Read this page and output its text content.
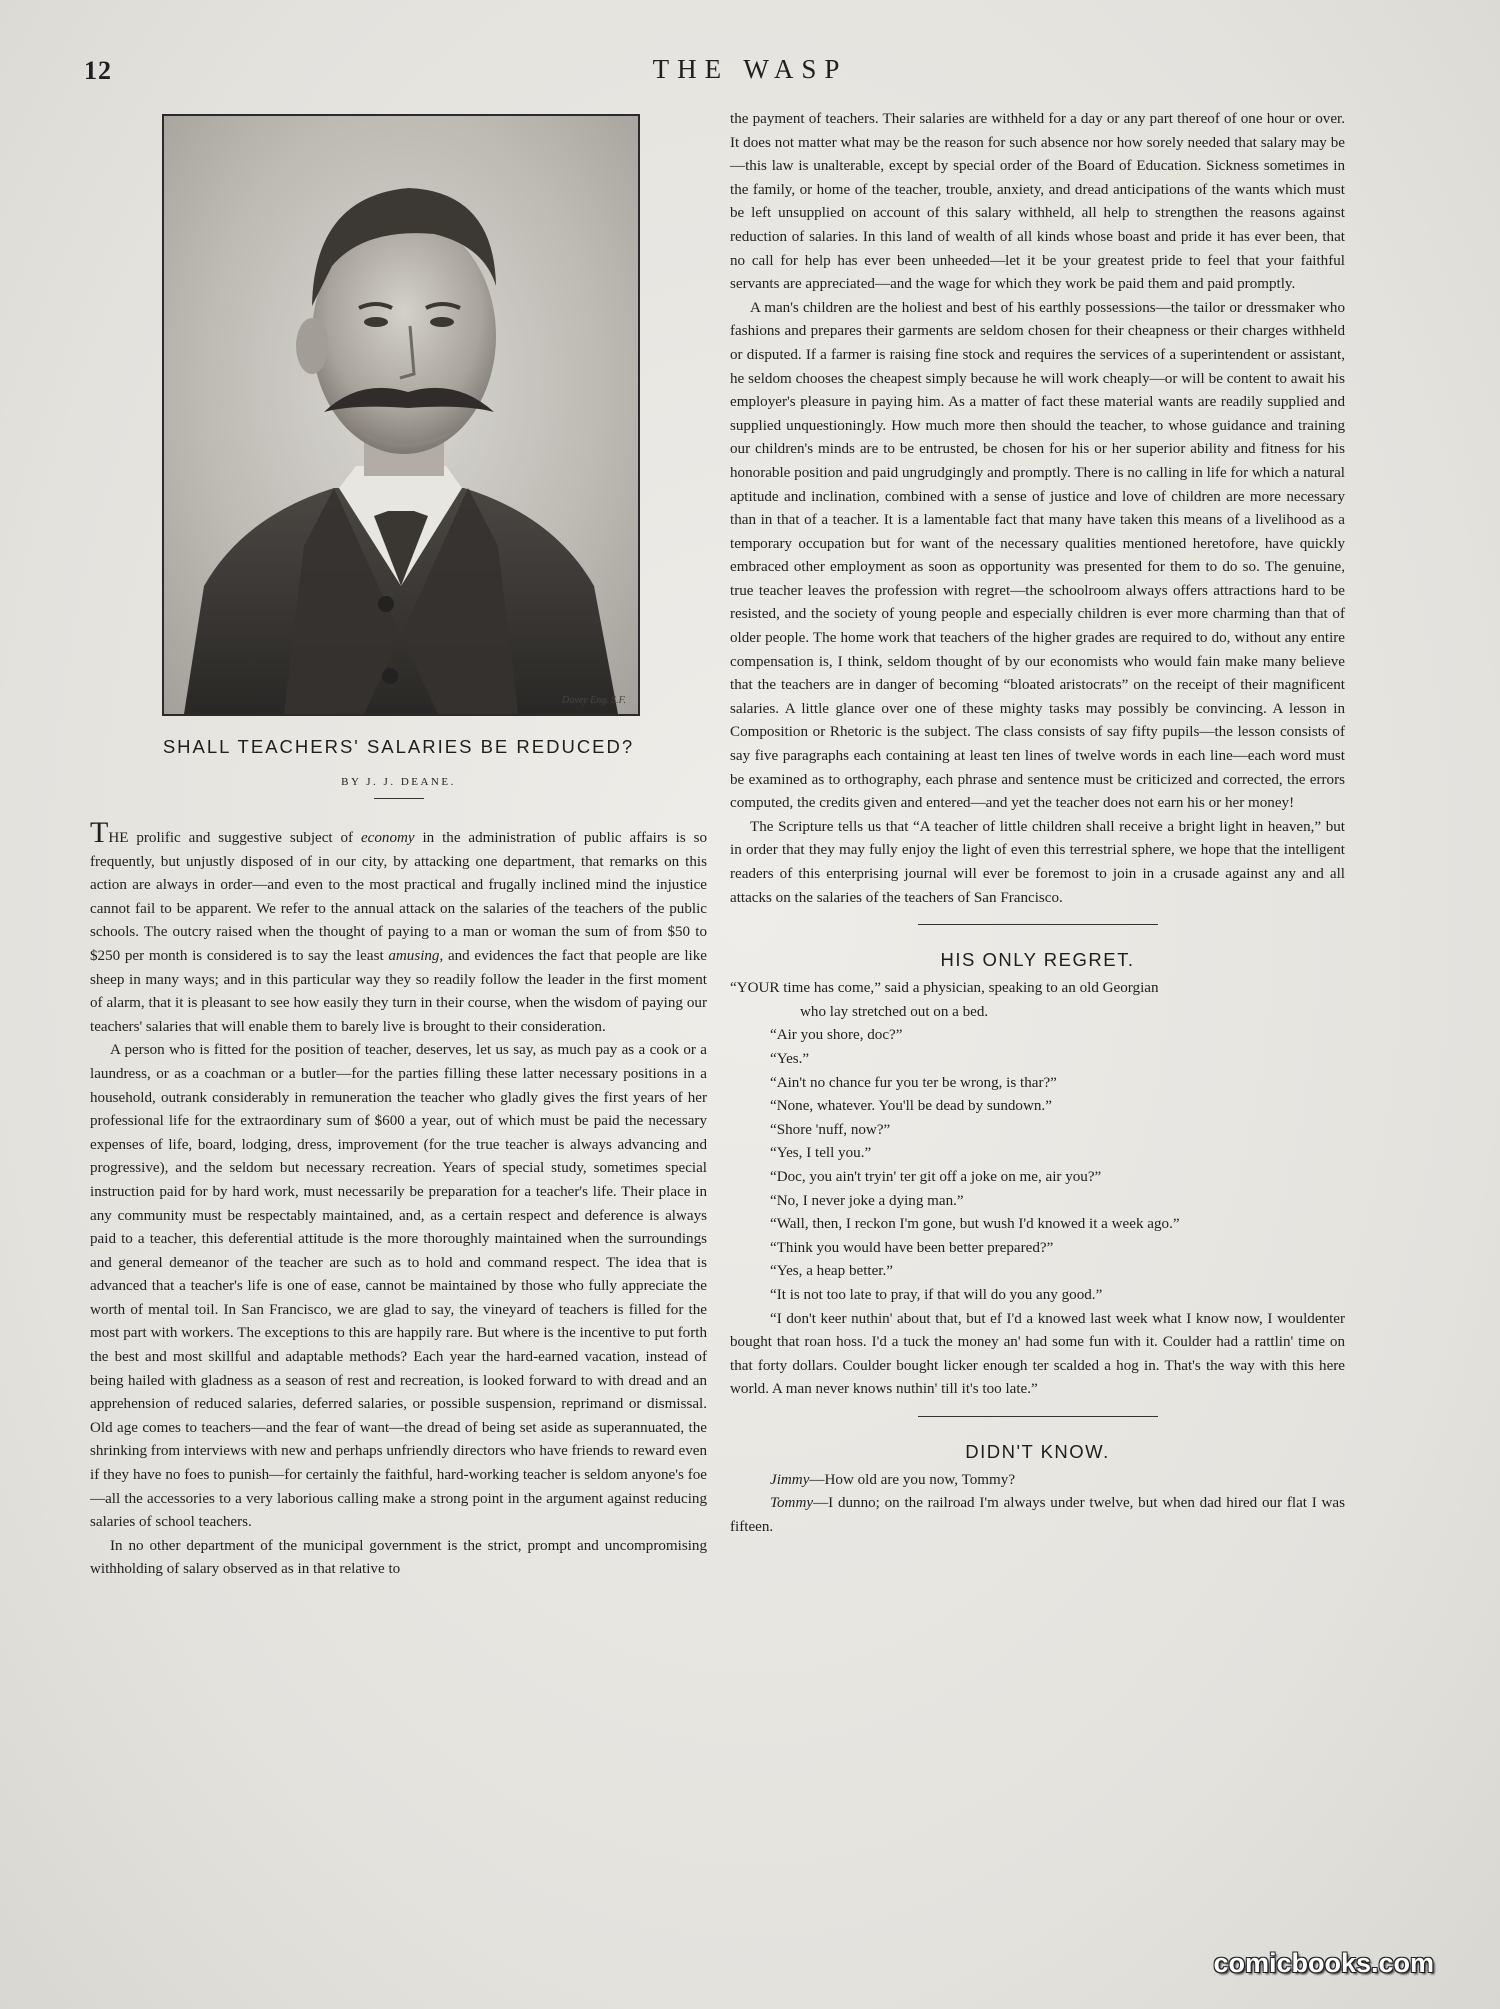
12	THE WASP
Davey Eng. S.F.
SHALL TEACHERS' SALARIES BE REDUCED?
BY J. J. DEANE.

THE prolific and suggestive subject of economy in the administration of public affairs is so frequently, but unjustly disposed of in our city, by attacking one department, that remarks on this action are always in order—and even to the most practical and frugally inclined mind the injustice cannot fail to be apparent. We refer to the annual attack on the salaries of the teachers of the public schools. The outcry raised when the thought of paying to a man or woman the sum of from $50 to $250 per month is considered is to say the least amusing, and evidences the fact that people are like sheep in many ways; and in this particular way they so readily follow the leader in the first moment of alarm, that it is pleasant to see how easily they turn in their course, when the wisdom of paying our teachers' salaries that will enable them to barely live is brought to their consideration.

A person who is fitted for the position of teacher, deserves, let us say, as much pay as a cook or a laundress, or as a coachman or a butler—for the parties filling these latter necessary positions in a household, outrank considerably in remuneration the teacher who gladly gives the first years of her professional life for the extraordinary sum of $600 a year, out of which must be paid the necessary expenses of life, board, lodging, dress, improvement (for the true teacher is always advancing and progressive), and the seldom but necessary recreation. Years of special study, sometimes special instruction paid for by hard work, must necessarily be preparation for a teacher's life. Their place in any community must be respectably maintained, and, as a certain respect and deference is always paid to a teacher, this deferential attitude is the more thoroughly maintained when the surroundings and general demeanor of the teacher are such as to hold and command respect. The idea that is advanced that a teacher's life is one of ease, cannot be maintained by those who fully appreciate the worth of mental toil. In San Francisco, we are glad to say, the vineyard of teachers is filled for the most part with workers. The exceptions to this are happily rare. But where is the incentive to put forth the best and most skillful and adaptable methods? Each year the hard-earned vacation, instead of being hailed with gladness as a season of rest and recreation, is looked forward to with dread and an apprehension of reduced salaries, deferred salaries, or possible suspension, reprimand or dismissal. Old age comes to teachers—and the fear of want—the dread of being set aside as superannuated, the shrinking from interviews with new and perhaps unfriendly directors who have friends to reward even if they have no foes to punish—for certainly the faithful, hard-working teacher is seldom anyone's foe—all the accessories to a very laborious calling make a strong point in the argument against reducing salaries of school teachers.

In no other department of the municipal government is the strict, prompt and uncompromising withholding of salary observed as in that relative to

the payment of teachers. Their salaries are withheld for a day or any part thereof of one hour or over. It does not matter what may be the reason for such absence nor how sorely needed that salary may be—this law is unalterable, except by special order of the Board of Education. Sickness sometimes in the family, or home of the teacher, trouble, anxiety, and dread anticipations of the wants which must be left unsupplied on account of this salary withheld, all help to strengthen the reasons against reduction of salaries. In this land of wealth of all kinds whose boast and pride it has ever been, that no call for help has ever been unheeded—let it be your greatest pride to feel that your faithful servants are appreciated—and the wage for which they work be paid them and paid promptly.

A man's children are the holiest and best of his earthly possessions—the tailor or dressmaker who fashions and prepares their garments are seldom chosen for their cheapness or their charges withheld or disputed. If a farmer is raising fine stock and requires the services of a superintendent or assistant, he seldom chooses the cheapest simply because he will work cheaply—or will be content to await his employer's pleasure in paying him. As a matter of fact these material wants are readily supplied and supplied unquestioningly. How much more then should the teacher, to whose guidance and training our children's minds are to be entrusted, be chosen for his or her superior ability and fitness for his honorable position and paid ungrudgingly and promptly. There is no calling in life for which a natural aptitude and inclination, combined with a sense of justice and love of children are more necessary than in that of a teacher. It is a lamentable fact that many have taken this means of a livelihood as a temporary occupation but for want of the necessary qualities mentioned heretofore, have quickly embraced other employment as soon as opportunity was presented for them to do so. The genuine, true teacher leaves the profession with regret—the schoolroom always offers attractions hard to be resisted, and the society of young people and especially children is ever more charming than that of older people. The home work that teachers of the higher grades are required to do, without any entire compensation is, I think, seldom thought of by our economists who would fain make many believe that the teachers are in danger of becoming “bloated aristocrats” on the receipt of their magnificent salaries. A little glance over one of these mighty tasks may possibly be convincing. A lesson in Composition or Rhetoric is the subject. The class consists of say fifty pupils—the lesson consists of say five paragraphs each containing at least ten lines of twelve words in each line—each word must be examined as to orthography, each phrase and sentence must be criticized and corrected, the errors computed, the credits given and entered—and yet the teacher does not earn his or her money!

The Scripture tells us that “A teacher of little children shall receive a bright light in heaven,” but in order that they may fully enjoy the light of even this terrestrial sphere, we hope that the intelligent readers of this enterprising journal will ever be foremost to join in a crusade against any and all attacks on the salaries of the teachers of San Francisco.

HIS ONLY REGRET.

“YOUR time has come,” said a physician, speaking to an old Georgian
who lay stretched out on a bed.

“Air you shore, doc?”

“Yes.”

“Ain't no chance fur you ter be wrong, is thar?”

“None, whatever. You'll be dead by sundown.”

“Shore 'nuff, now?”

“Yes, I tell you.”

“Doc, you ain't tryin' ter git off a joke on me, air you?”

“No, I never joke a dying man.”

“Wall, then, I reckon I'm gone, but wush I'd knowed it a week ago.”

“Think you would have been better prepared?”

“Yes, a heap better.”

“It is not too late to pray, if that will do you any good.”

“I don't keer nuthin' about that, but ef I'd a knowed last week what I know now, I wouldenter bought that roan hoss. I'd a tuck the money an' had some fun with it. Coulder had a rattlin' time on that forty dollars. Coulder bought licker enough ter scalded a hog in. That's the way with this here world. A man never knows nuthin' till it's too late.”

DIDN'T KNOW.

Jimmy—How old are you now, Tommy?

Tommy—I dunno; on the railroad I'm always under twelve, but when dad hired our flat I was fifteen.

comicbooks.com
